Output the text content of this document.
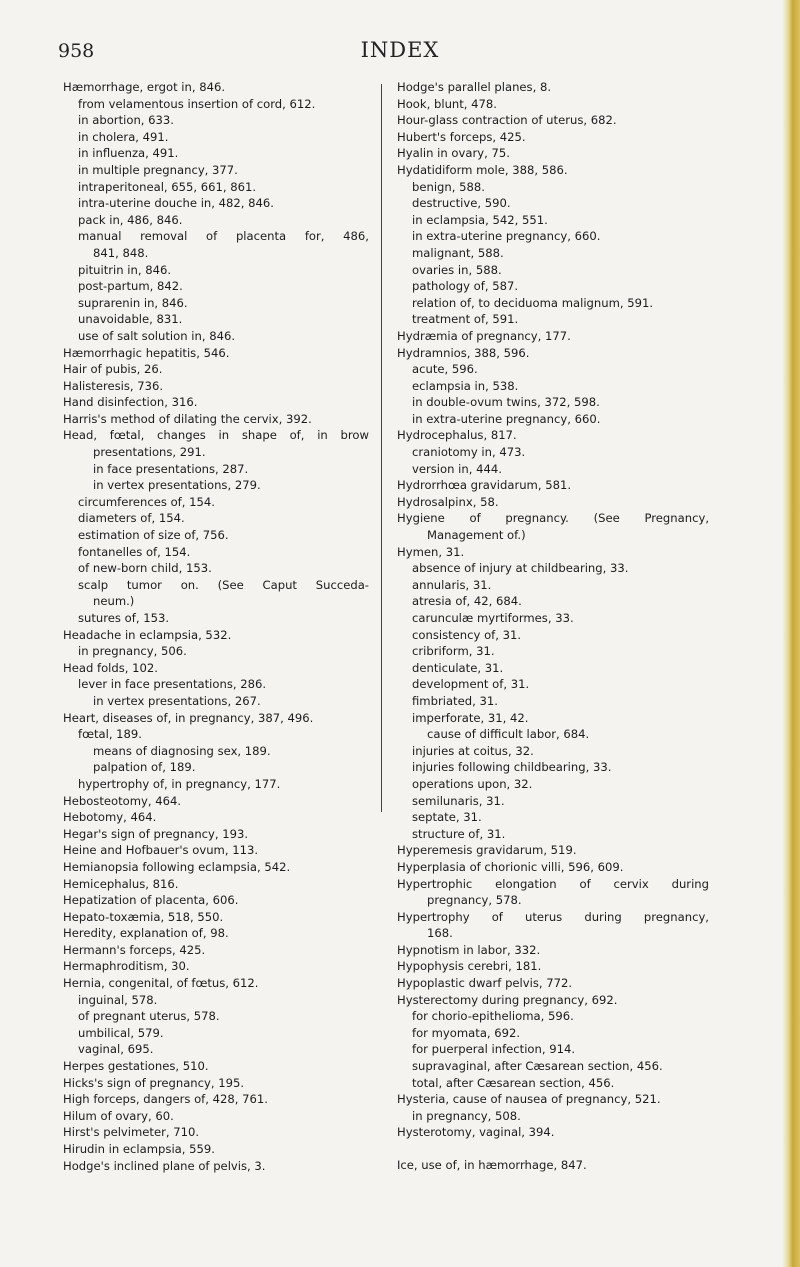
958	INDEX
Hæmorrhage, ergot in, 846.
from velamentous insertion of cord, 612.
in abortion, 633.
in cholera, 491.
in influenza, 491.
in multiple pregnancy, 377.
intraperitoneal, 655, 661, 861.
intra-uterine douche in, 482, 846.
pack in, 486, 846.
manual removal of placenta for, 486,
841, 848.
pituitrin in, 846.
post-partum, 842.
suprarenin in, 846.
unavoidable, 831.
use of salt solution in, 846.
Hæmorrhagic hepatitis, 546.
Hair of pubis, 26.
Halisteresis, 736.
Hand disinfection, 316.
Harris's method of dilating the cervix, 392.
Head, fœtal, changes in shape of, in brow
presentations, 291.
in face presentations, 287.
in vertex presentations, 279.
circumferences of, 154.
diameters of, 154.
estimation of size of, 756.
fontanelles of, 154.
of new-born child, 153.
scalp tumor on. (See Caput Succeda-
neum.)
sutures of, 153.
Headache in eclampsia, 532.
in pregnancy, 506.
Head folds, 102.
lever in face presentations, 286.
in vertex presentations, 267.
Heart, diseases of, in pregnancy, 387, 496.
fœtal, 189.
means of diagnosing sex, 189.
palpation of, 189.
hypertrophy of, in pregnancy, 177.
Hebosteotomy, 464.
Hebotomy, 464.
Hegar's sign of pregnancy, 193.
Heine and Hofbauer's ovum, 113.
Hemianopsia following eclampsia, 542.
Hemicephalus, 816.
Hepatization of placenta, 606.
Hepato-toxæmia, 518, 550.
Heredity, explanation of, 98.
Hermann's forceps, 425.
Hermaphroditism, 30.
Hernia, congenital, of fœtus, 612.
inguinal, 578.
of pregnant uterus, 578.
umbilical, 579.
vaginal, 695.
Herpes gestationes, 510.
Hicks's sign of pregnancy, 195.
High forceps, dangers of, 428, 761.
Hilum of ovary, 60.
Hirst's pelvimeter, 710.
Hirudin in eclampsia, 559.
Hodge's inclined plane of pelvis, 3.
Hodge's parallel planes, 8.
Hook, blunt, 478.
Hour-glass contraction of uterus, 682.
Hubert's forceps, 425.
Hyalin in ovary, 75.
Hydatidiform mole, 388, 586.
benign, 588.
destructive, 590.
in eclampsia, 542, 551.
in extra-uterine pregnancy, 660.
malignant, 588.
ovaries in, 588.
pathology of, 587.
relation of, to deciduoma malignum, 591.
treatment of, 591.
Hydræmia of pregnancy, 177.
Hydramnios, 388, 596.
acute, 596.
eclampsia in, 538.
in double-ovum twins, 372, 598.
in extra-uterine pregnancy, 660.
Hydrocephalus, 817.
craniotomy in, 473.
version in, 444.
Hydrorrhœa gravidarum, 581.
Hydrosalpinx, 58.
Hygiene of pregnancy. (See Pregnancy,
Management of.)
Hymen, 31.
absence of injury at childbearing, 33.
annularis, 31.
atresia of, 42, 684.
carunculæ myrtiformes, 33.
consistency of, 31.
cribriform, 31.
denticulate, 31.
development of, 31.
fimbriated, 31.
imperforate, 31, 42.
cause of difficult labor, 684.
injuries at coitus, 32.
injuries following childbearing, 33.
operations upon, 32.
semilunaris, 31.
septate, 31.
structure of, 31.
Hyperemesis gravidarum, 519.
Hyperplasia of chorionic villi, 596, 609.
Hypertrophic elongation of cervix during
pregnancy, 578.
Hypertrophy of uterus during pregnancy,
168.
Hypnotism in labor, 332.
Hypophysis cerebri, 181.
Hypoplastic dwarf pelvis, 772.
Hysterectomy during pregnancy, 692.
for chorio-epithelioma, 596.
for myomata, 692.
for puerperal infection, 914.
supravaginal, after Cæsarean section, 456.
total, after Cæsarean section, 456.
Hysteria, cause of nausea of pregnancy, 521.
in pregnancy, 508.
Hysterotomy, vaginal, 394.
Ice, use of, in hæmorrhage, 847.
